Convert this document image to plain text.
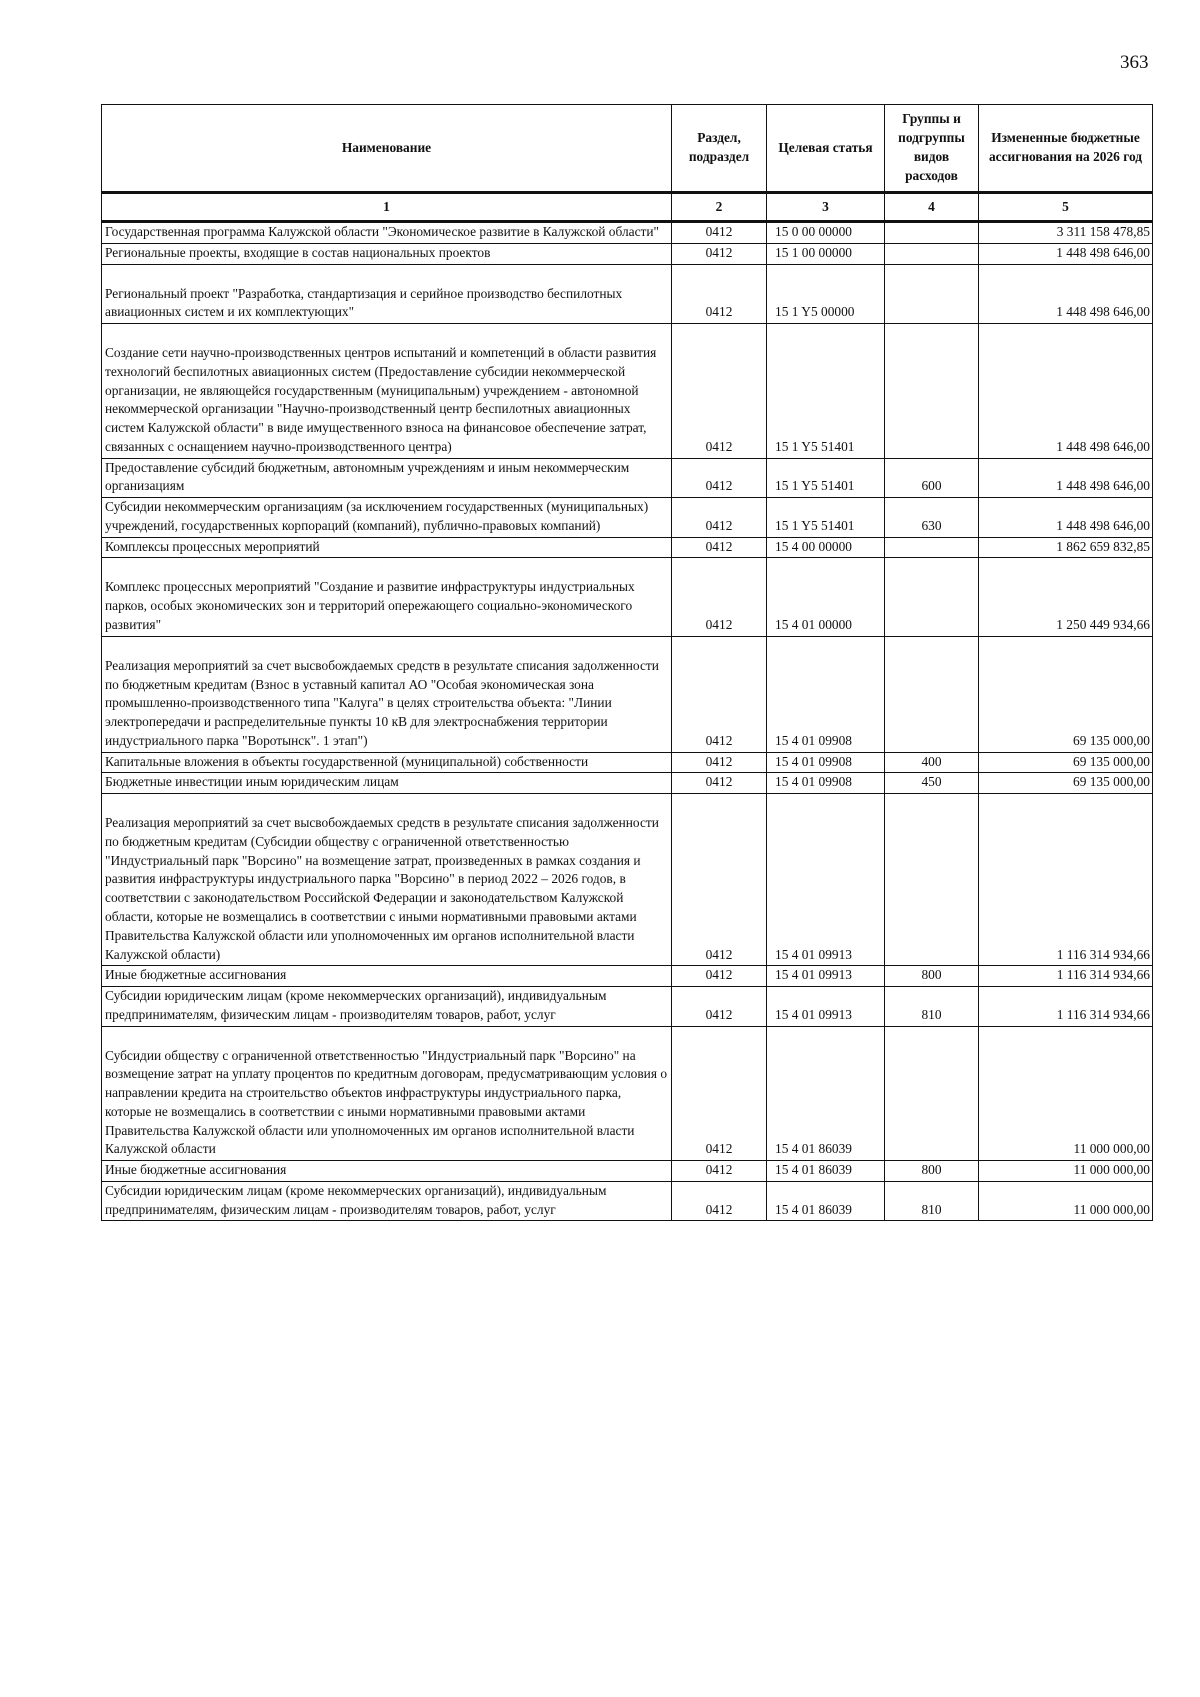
363
Наименование	Раздел, подраздел	Целевая статья	Группы и подгруппы видов расходов	Измененные бюджетные ассигнования на 2026 год
1	2	3	4	5
Государственная программа Калужской области "Экономическое развитие в Калужской области"	0412	15 0 00 00000		3 311 158 478,85
Региональные проекты, входящие в состав национальных проектов	0412	15 1 00 00000		1 448 498 646,00
Региональный проект "Разработка, стандартизация и серийное производство беспилотных авиационных систем и их комплектующих"	0412	15 1 Y5 00000		1 448 498 646,00
Создание сети научно-производственных центров испытаний и компетенций в области развития технологий беспилотных авиационных систем (Предоставление субсидии некоммерческой организации, не являющейся государственным (муниципальным) учреждением - автономной некоммерческой организации "Научно-производственный центр беспилотных авиационных систем Калужской области" в виде имущественного взноса на финансовое обеспечение затрат, связанных с оснащением научно-производственного центра)	0412	15 1 Y5 51401		1 448 498 646,00
Предоставление субсидий бюджетным, автономным учреждениям и иным некоммерческим организациям	0412	15 1 Y5 51401	600	1 448 498 646,00
Субсидии некоммерческим организациям (за исключением государственных (муниципальных) учреждений, государственных корпораций (компаний), публично-правовых компаний)	0412	15 1 Y5 51401	630	1 448 498 646,00
Комплексы процессных мероприятий	0412	15 4 00 00000		1 862 659 832,85
Комплекс процессных мероприятий "Создание и развитие инфраструктуры индустриальных парков, особых экономических зон и территорий опережающего социально-экономического развития"	0412	15 4 01 00000		1 250 449 934,66
Реализация мероприятий за счет высвобождаемых средств в результате списания задолженности по бюджетным кредитам (Взнос в уставный капитал АО "Особая экономическая зона промышленно-производственного типа "Калуга" в целях строительства объекта: "Линии электропередачи и распределительные пункты 10 кВ для электроснабжения территории индустриального парка "Воротынск". 1 этап")	0412	15 4 01 09908		69 135 000,00
Капитальные вложения в объекты государственной (муниципальной) собственности	0412	15 4 01 09908	400	69 135 000,00
Бюджетные инвестиции иным юридическим лицам	0412	15 4 01 09908	450	69 135 000,00
Реализация мероприятий за счет высвобождаемых средств в результате списания задолженности по бюджетным кредитам (Субсидии обществу с ограниченной ответственностью "Индустриальный парк "Ворсино" на возмещение затрат, произведенных в рамках создания и развития инфраструктуры индустриального парка "Ворсино" в период 2022 – 2026 годов, в соответствии с законодательством Российской Федерации и законодательством Калужской области, которые не возмещались в соответствии с иными нормативными правовыми актами Правительства Калужской области или уполномоченных им органов исполнительной власти Калужской области)	0412	15 4 01 09913		1 116 314 934,66
Иные бюджетные ассигнования	0412	15 4 01 09913	800	1 116 314 934,66
Субсидии юридическим лицам (кроме некоммерческих организаций), индивидуальным предпринимателям, физическим лицам - производителям товаров, работ, услуг	0412	15 4 01 09913	810	1 116 314 934,66
Субсидии обществу с ограниченной ответственностью "Индустриальный парк "Ворсино" на возмещение затрат на уплату процентов по кредитным договорам, предусматривающим условия о направлении кредита на строительство объектов инфраструктуры индустриального парка, которые не возмещались в соответствии с иными нормативными правовыми актами Правительства Калужской области или уполномоченных им органов исполнительной власти Калужской области	0412	15 4 01 86039		11 000 000,00
Иные бюджетные ассигнования	0412	15 4 01 86039	800	11 000 000,00
Субсидии юридическим лицам (кроме некоммерческих организаций), индивидуальным предпринимателям, физическим лицам - производителям товаров, работ, услуг	0412	15 4 01 86039	810	11 000 000,00
